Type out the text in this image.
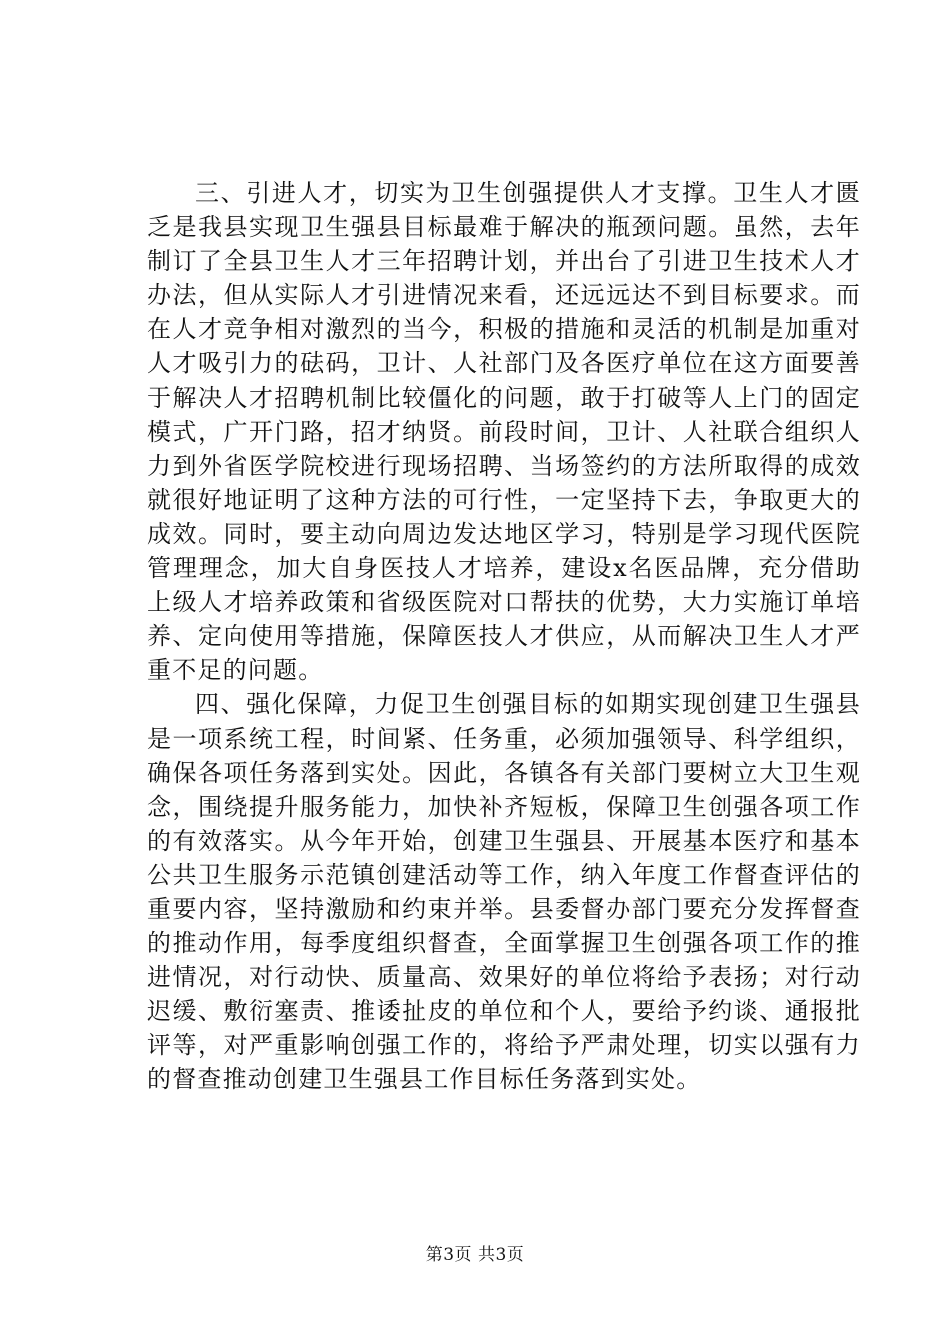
三、引进人才，切实为卫生创强提供人才支撑。卫生人才匮乏是我县实现卫生强县目标最难于解决的瓶颈问题。虽然，去年制订了全县卫生人才三年招聘计划，并出台了引进卫生技术人才办法，但从实际人才引进情况来看，还远远达不到目标要求。而在人才竞争相对激烈的当今，积极的措施和灵活的机制是加重对人才吸引力的砝码，卫计、人社部门及各医疗单位在这方面要善于解决人才招聘机制比较僵化的问题，敢于打破等人上门的固定模式，广开门路，招才纳贤。前段时间，卫计、人社联合组织人力到外省医学院校进行现场招聘、当场签约的方法所取得的成效就很好地证明了这种方法的可行性，一定坚持下去，争取更大的成效。同时，要主动向周边发达地区学习，特别是学习现代医院管理理念，加大自身医技人才培养，建设x名医品牌，充分借助上级人才培养政策和省级医院对口帮扶的优势，大力实施订单培养、定向使用等措施，保障医技人才供应，从而解决卫生人才严重不足的问题。

四、强化保障，力促卫生创强目标的如期实现创建卫生强县是一项系统工程，时间紧、任务重，必须加强领导、科学组织，确保各项任务落到实处。因此，各镇各有关部门要树立大卫生观念，围绕提升服务能力，加快补齐短板，保障卫生创强各项工作的有效落实。从今年开始，创建卫生强县、开展基本医疗和基本公共卫生服务示范镇创建活动等工作，纳入年度工作督查评估的重要内容，坚持激励和约束并举。县委督办部门要充分发挥督查的推动作用，每季度组织督查，全面掌握卫生创强各项工作的推进情况，对行动快、质量高、效果好的单位将给予表扬；对行动迟缓、敷衍塞责、推诿扯皮的单位和个人，要给予约谈、通报批评等，对严重影响创强工作的，将给予严肃处理，切实以强有力的督查推动创建卫生强县工作目标任务落到实处。

第3页 共3页
